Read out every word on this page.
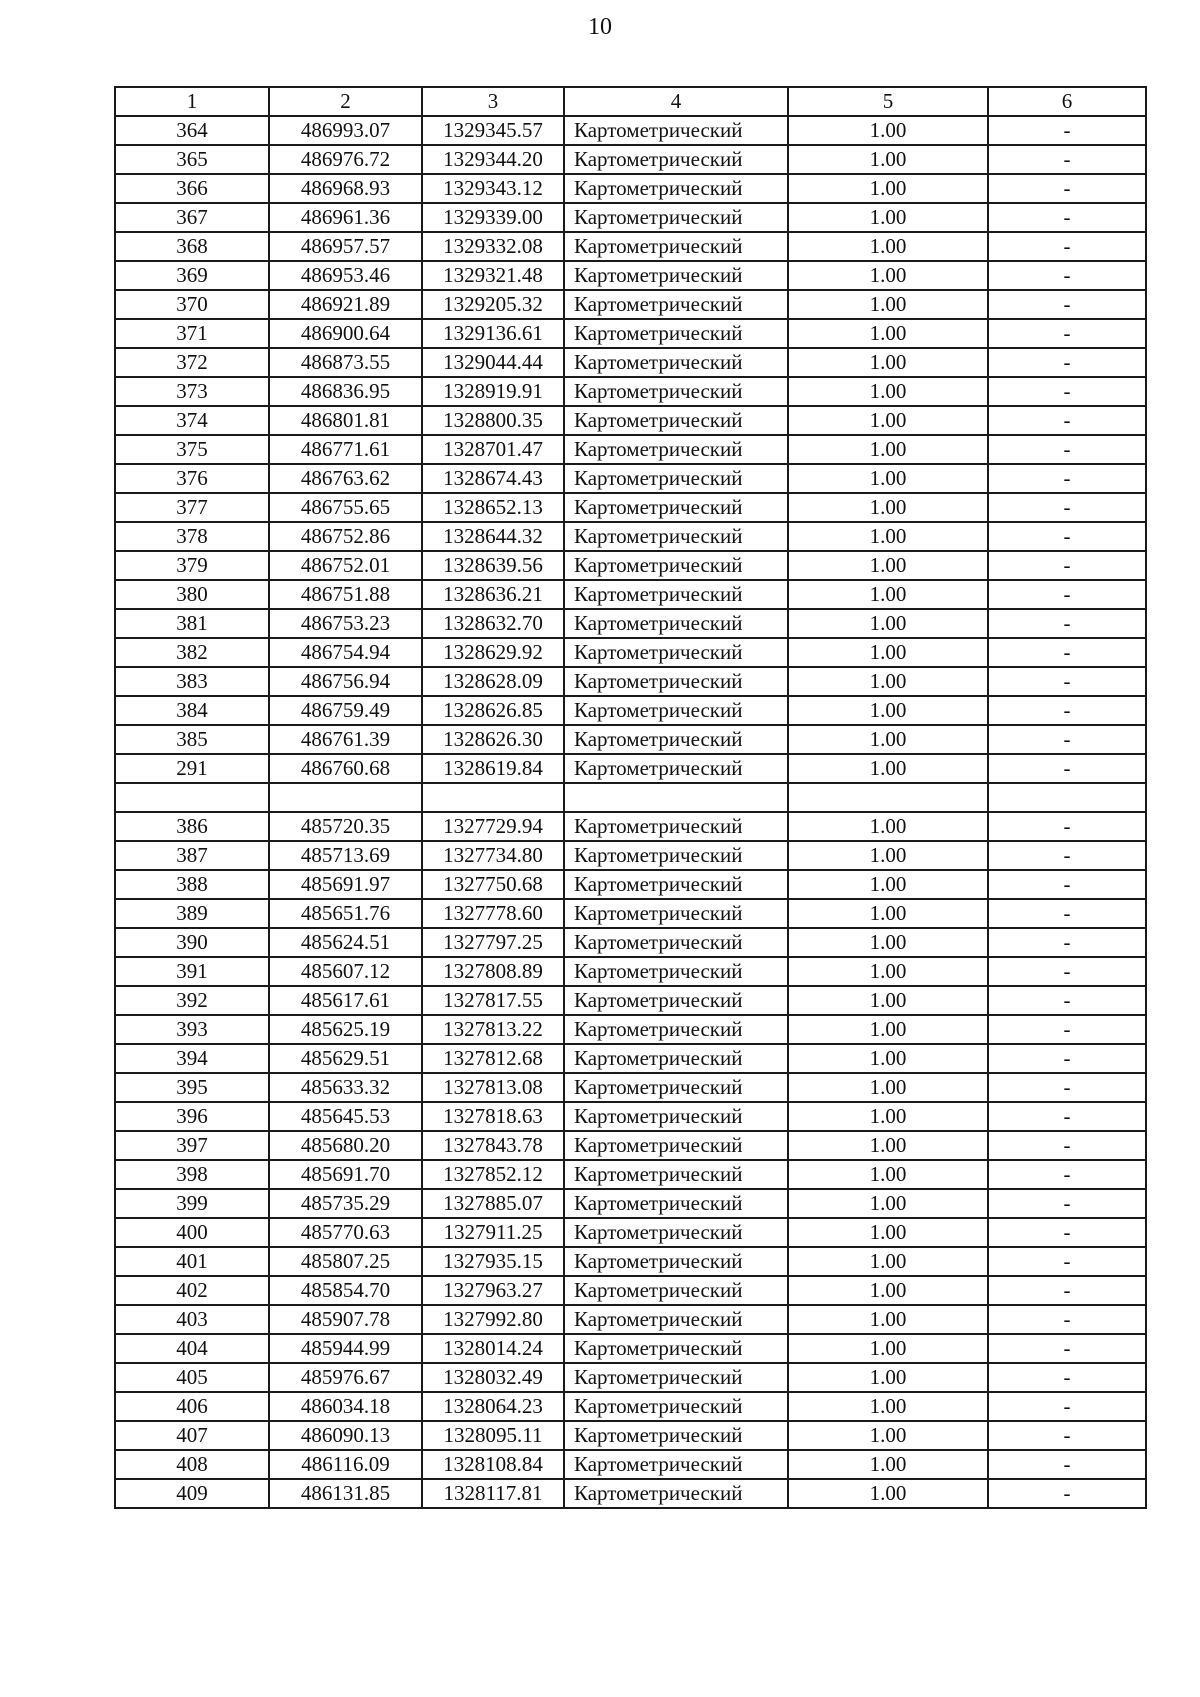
10
1	2	3	4	5	6
364	486993.07	1329345.57	Картометрический	1.00	-
365	486976.72	1329344.20	Картометрический	1.00	-
366	486968.93	1329343.12	Картометрический	1.00	-
367	486961.36	1329339.00	Картометрический	1.00	-
368	486957.57	1329332.08	Картометрический	1.00	-
369	486953.46	1329321.48	Картометрический	1.00	-
370	486921.89	1329205.32	Картометрический	1.00	-
371	486900.64	1329136.61	Картометрический	1.00	-
372	486873.55	1329044.44	Картометрический	1.00	-
373	486836.95	1328919.91	Картометрический	1.00	-
374	486801.81	1328800.35	Картометрический	1.00	-
375	486771.61	1328701.47	Картометрический	1.00	-
376	486763.62	1328674.43	Картометрический	1.00	-
377	486755.65	1328652.13	Картометрический	1.00	-
378	486752.86	1328644.32	Картометрический	1.00	-
379	486752.01	1328639.56	Картометрический	1.00	-
380	486751.88	1328636.21	Картометрический	1.00	-
381	486753.23	1328632.70	Картометрический	1.00	-
382	486754.94	1328629.92	Картометрический	1.00	-
383	486756.94	1328628.09	Картометрический	1.00	-
384	486759.49	1328626.85	Картометрический	1.00	-
385	486761.39	1328626.30	Картометрический	1.00	-
291	486760.68	1328619.84	Картометрический	1.00	-

386	485720.35	1327729.94	Картометрический	1.00	-
387	485713.69	1327734.80	Картометрический	1.00	-
388	485691.97	1327750.68	Картометрический	1.00	-
389	485651.76	1327778.60	Картометрический	1.00	-
390	485624.51	1327797.25	Картометрический	1.00	-
391	485607.12	1327808.89	Картометрический	1.00	-
392	485617.61	1327817.55	Картометрический	1.00	-
393	485625.19	1327813.22	Картометрический	1.00	-
394	485629.51	1327812.68	Картометрический	1.00	-
395	485633.32	1327813.08	Картометрический	1.00	-
396	485645.53	1327818.63	Картометрический	1.00	-
397	485680.20	1327843.78	Картометрический	1.00	-
398	485691.70	1327852.12	Картометрический	1.00	-
399	485735.29	1327885.07	Картометрический	1.00	-
400	485770.63	1327911.25	Картометрический	1.00	-
401	485807.25	1327935.15	Картометрический	1.00	-
402	485854.70	1327963.27	Картометрический	1.00	-
403	485907.78	1327992.80	Картометрический	1.00	-
404	485944.99	1328014.24	Картометрический	1.00	-
405	485976.67	1328032.49	Картометрический	1.00	-
406	486034.18	1328064.23	Картометрический	1.00	-
407	486090.13	1328095.11	Картометрический	1.00	-
408	486116.09	1328108.84	Картометрический	1.00	-
409	486131.85	1328117.81	Картометрический	1.00	-
